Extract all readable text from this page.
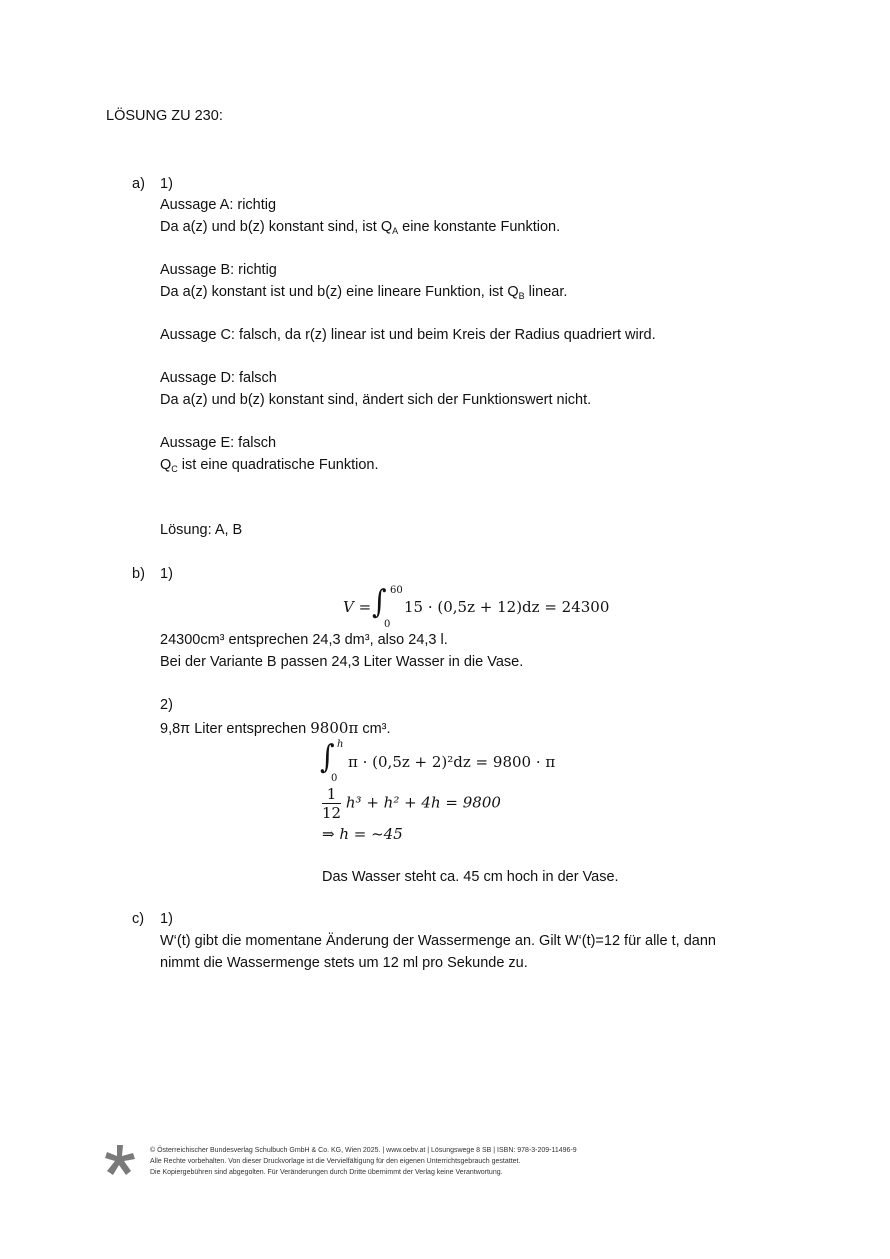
LÖSUNG ZU 230:
a) 1)
Aussage A: richtig
Da a(z) und b(z) konstant sind, ist $Q_A$ eine konstante Funktion.
Aussage B: richtig
Da a(z) konstant ist und b(z) eine lineare Funktion, ist $Q_B$ linear.
Aussage C: falsch, da r(z) linear ist und beim Kreis der Radius quadriert wird.
Aussage D: falsch
Da a(z) und b(z) konstant sind, ändert sich der Funktionswert nicht.
Aussage E: falsch
$Q_C$ ist eine quadratische Funktion.
Lösung: A, B
b) 1)
V = ∫ 60
0
15 · (0,5z + 12)dz = 24300
24300cm³ entsprechen 24,3 dm³, also 24,3 l.
Bei der Variante B passen 24,3 Liter Wasser in die Vase.
2)
9,8π Liter entsprechen 9800π cm³.
∫ h
0
π · (0,5z + 2)²dz = 9800 · π
$\frac{1}{12} h^3 + h^2 + 4h = 9800$
⇒ h = ~45
Das Wasser steht ca. 45 cm hoch in der Vase.
c) 1)
W‘(t) gibt die momentane Änderung der Wassermenge an. Gilt W‘(t)=12 für alle t, dann
nimmt die Wassermenge stets um 12 ml pro Sekunde zu.
© Österreichischer Bundesverlag Schulbuch GmbH & Co. KG, Wien 2025. | www.oebv.at | Lösungswege 8 SB | ISBN: 978-3-209-11496-9
Alle Rechte vorbehalten. Von dieser Druckvorlage ist die Vervielfältigung für den eigenen Unterrichtsgebrauch gestattet.
Die Kopiergebühren sind abgegolten. Für Veränderungen durch Dritte übernimmt der Verlag keine Verantwortung.
